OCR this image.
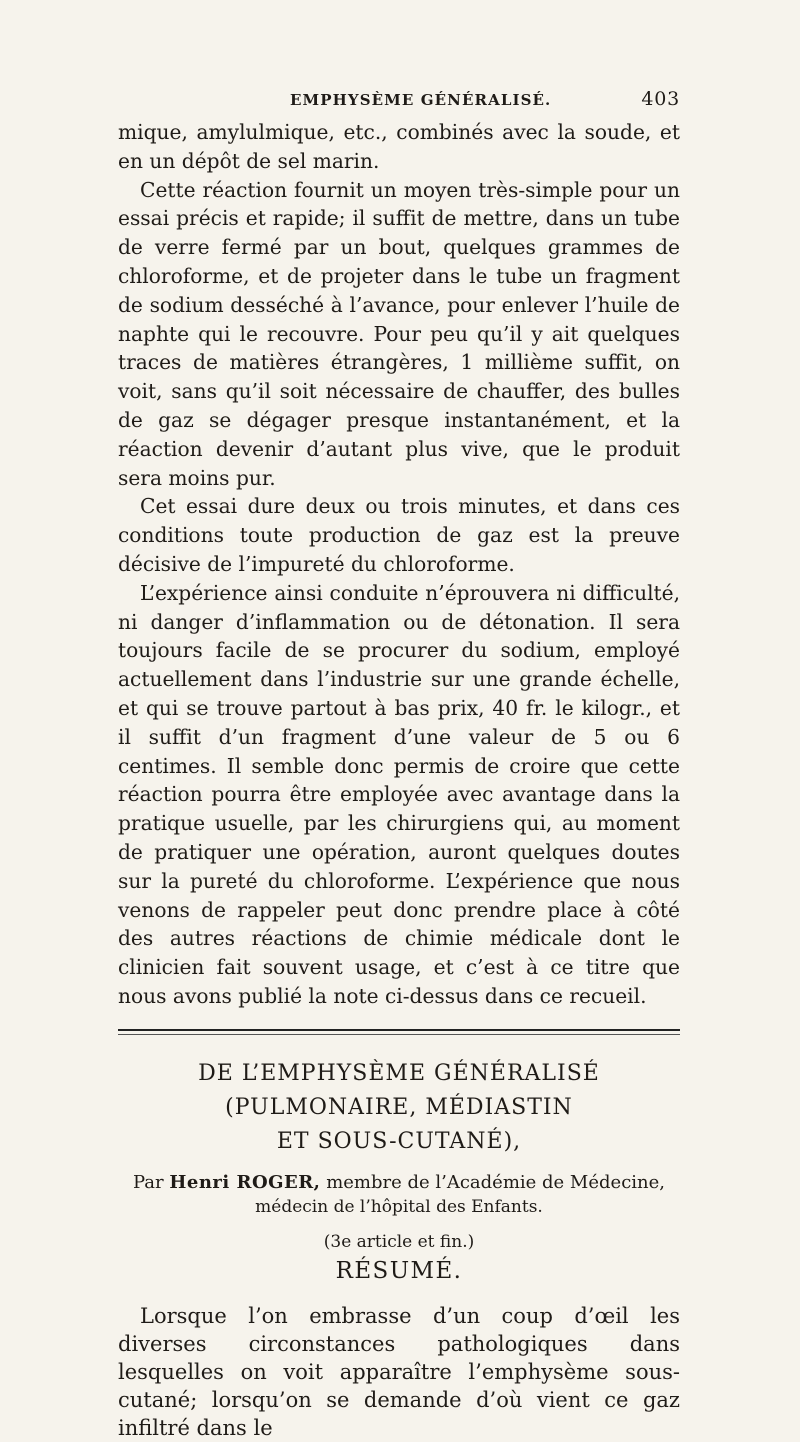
EMPHYSÈME GÉNÉRALISÉ.	403

mique, amylulmique, etc., combinés avec la soude, et en un dépôt de sel marin.

Cette réaction fournit un moyen très-simple pour un essai précis et rapide; il suffit de mettre, dans un tube de verre fermé par un bout, quelques grammes de chloroforme, et de projeter dans le tube un fragment de sodium desséché à l’avance, pour enlever l’huile de naphte qui le recouvre. Pour peu qu’il y ait quelques traces de matières étrangères, 1 millième suffit, on voit, sans qu’il soit nécessaire de chauffer, des bulles de gaz se dégager presque instantanément, et la réaction devenir d’autant plus vive, que le produit sera moins pur.

Cet essai dure deux ou trois minutes, et dans ces conditions toute production de gaz est la preuve décisive de l’impureté du chloroforme.

L’expérience ainsi conduite n’éprouvera ni difficulté, ni danger d’inflammation ou de détonation. Il sera toujours facile de se procurer du sodium, employé actuellement dans l’industrie sur une grande échelle, et qui se trouve partout à bas prix, 40 fr. le kilogr., et il suffit d’un fragment d’une valeur de 5 ou 6 centimes. Il semble donc permis de croire que cette réaction pourra être employée avec avantage dans la pratique usuelle, par les chirurgiens qui, au moment de pratiquer une opération, auront quelques doutes sur la pureté du chloroforme. L’expérience que nous venons de rappeler peut donc prendre place à côté des autres réactions de chimie médicale dont le clinicien fait souvent usage, et c’est à ce titre que nous avons publié la note ci-dessus dans ce recueil.

DE L’EMPHYSÈME GÉNÉRALISÉ (PULMONAIRE, MÉDIASTIN
ET SOUS-CUTANÉ),
Par Henri ROGER, membre de l’Académie de Médecine,
médecin de l’hôpital des Enfants.
(3e article et fin.)
RÉSUMÉ.

Lorsque l’on embrasse d’un coup d’œil les diverses circonstances pathologiques dans lesquelles on voit apparaître l’emphysème sous-cutané; lorsqu’on se demande d’où vient ce gaz infiltré dans le
